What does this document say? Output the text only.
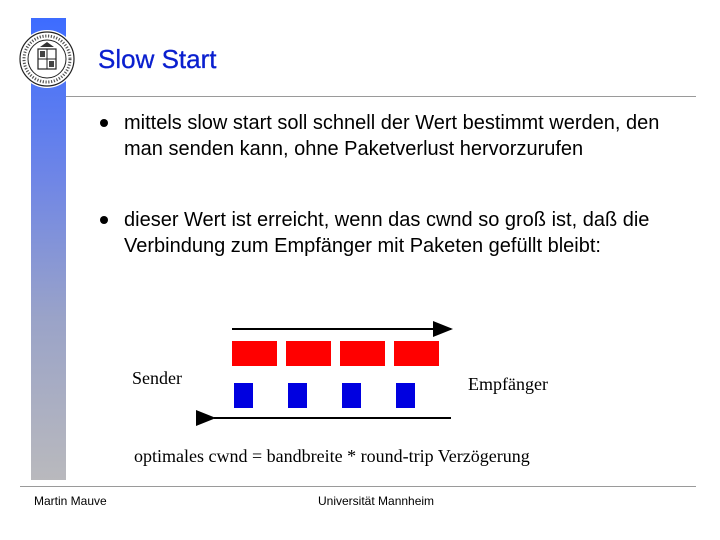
Slow Start
mittels slow start soll schnell der Wert bestimmt werden, den man senden kann, ohne Paketverlust hervorzurufen
dieser Wert ist erreicht, wenn das cwnd so groß ist, daß die Verbindung zum Empfänger mit Paketen gefüllt bleibt:
Sender	Empfänger
optimales cwnd = bandbreite * round-trip Verzögerung
Martin Mauve	Universität Mannheim
